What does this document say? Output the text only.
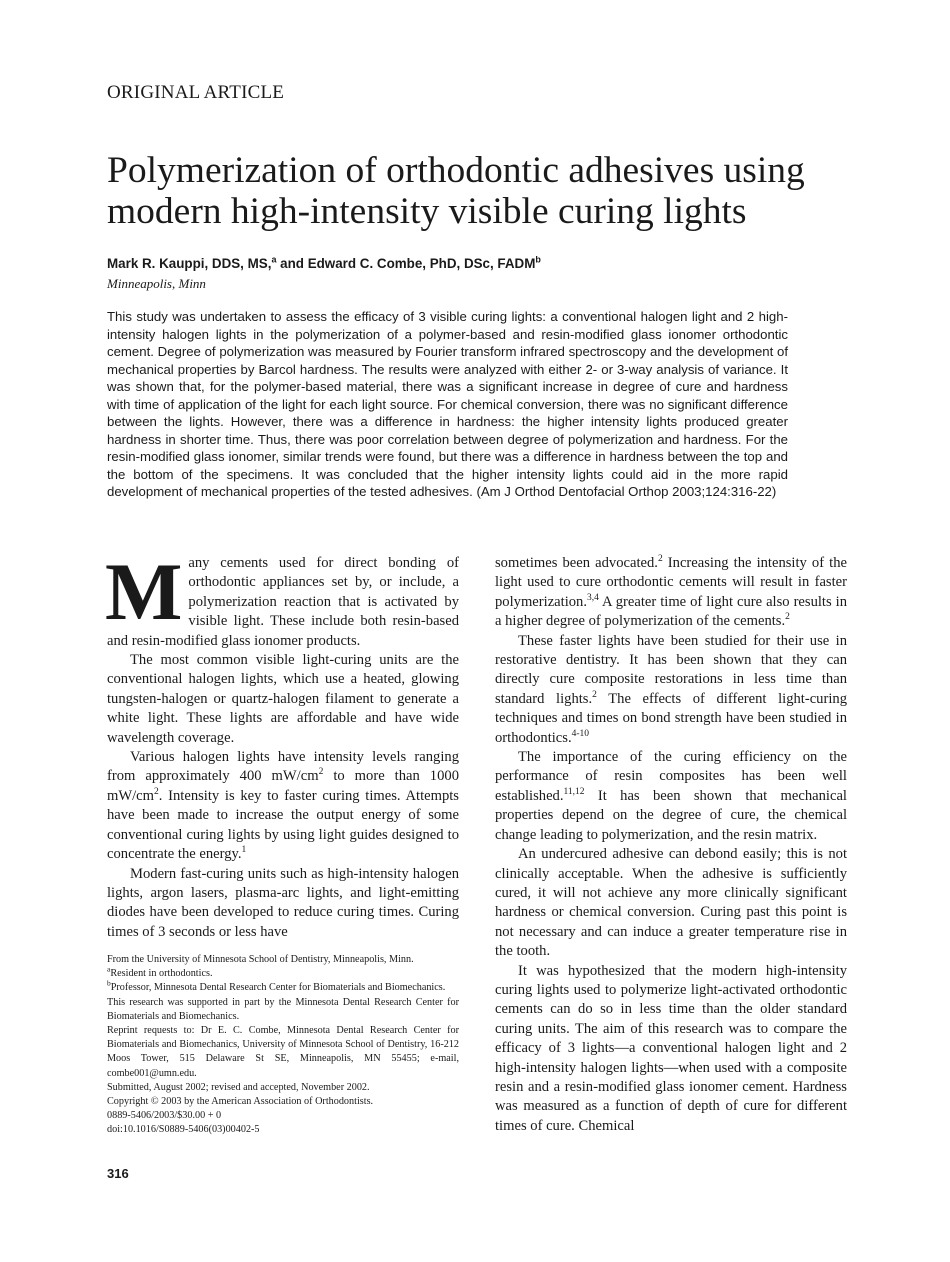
ORIGINAL ARTICLE
Polymerization of orthodontic adhesives using modern high-intensity visible curing lights
Mark R. Kauppi, DDS, MS,$^a$ and Edward C. Combe, PhD, DSc, FADM$^b$
Minneapolis, Minn

This study was undertaken to assess the efficacy of 3 visible curing lights: a conventional halogen light and 2 high-intensity halogen lights in the polymerization of a polymer-based and resin-modified glass ionomer orthodontic cement. Degree of polymerization was measured by Fourier transform infrared spectroscopy and the development of mechanical properties by Barcol hardness. The results were analyzed with either 2- or 3-way analysis of variance. It was shown that, for the polymer-based material, there was a significant increase in degree of cure and hardness with time of application of the light for each light source. For chemical conversion, there was no significant difference between the lights. However, there was a difference in hardness: the higher intensity lights produced greater hardness in shorter time. Thus, there was poor correlation between degree of polymerization and hardness. For the resin-modified glass ionomer, similar trends were found, but there was a difference in hardness between the top and the bottom of the specimens. It was concluded that the higher intensity lights could aid in the more rapid development of mechanical properties of the tested adhesives. (Am J Orthod Dentofacial Orthop 2003;124:316-22)

Many cements used for direct bonding of orthodontic appliances set by, or include, a polymerization reaction that is activated by visible light. These include both resin-based and resin-modified glass ionomer products.

The most common visible light-curing units are the conventional halogen lights, which use a heated, glowing tungsten-halogen or quartz-halogen filament to generate a white light. These lights are affordable and have wide wavelength coverage.

Various halogen lights have intensity levels ranging from approximately 400 $mW/cm^2$ to more than 1000 $mW/cm^2$. Intensity is key to faster curing times. Attempts have been made to increase the output energy of some conventional curing lights by using light guides designed to concentrate the energy.$^1$

Modern fast-curing units such as high-intensity halogen lights, argon lasers, plasma-arc lights, and light-emitting diodes have been developed to reduce curing times. Curing times of 3 seconds or less have

sometimes been advocated.$^2$ Increasing the intensity of the light used to cure orthodontic cements will result in faster polymerization.$^{3,4}$ A greater time of light cure also results in a higher degree of polymerization of the cements.$^2$

These faster lights have been studied for their use in restorative dentistry. It has been shown that they can directly cure composite restorations in less time than standard lights.$^2$ The effects of different light-curing techniques and times on bond strength have been studied in orthodontics.$^{4-10}$

The importance of the curing efficiency on the performance of resin composites has been well established.$^{11,12}$ It has been shown that mechanical properties depend on the degree of cure, the chemical change leading to polymerization, and the resin matrix.

An undercured adhesive can debond easily; this is not clinically acceptable. When the adhesive is sufficiently cured, it will not achieve any more clinically significant hardness or chemical conversion. Curing past this point is not necessary and can induce a greater temperature rise in the tooth.

It was hypothesized that the modern high-intensity curing lights used to polymerize light-activated orthodontic cements can do so in less time than the older standard curing units. The aim of this research was to compare the efficacy of 3 lights—a conventional halogen light and 2 high-intensity halogen lights—when used with a composite resin and a resin-modified glass ionomer cement. Hardness was measured as a function of depth of cure for different times of cure. Chemical

From the University of Minnesota School of Dentistry, Minneapolis, Minn.
$^a$Resident in orthodontics.
$^b$Professor, Minnesota Dental Research Center for Biomaterials and Biomechanics.
This research was supported in part by the Minnesota Dental Research Center for Biomaterials and Biomechanics.
Reprint requests to: Dr E. C. Combe, Minnesota Dental Research Center for Biomaterials and Biomechanics, University of Minnesota School of Dentistry, 16-212 Moos Tower, 515 Delaware St SE, Minneapolis, MN 55455; e-mail, combe001@umn.edu.
Submitted, August 2002; revised and accepted, November 2002.
Copyright © 2003 by the American Association of Orthodontists.
0889-5406/2003/$30.00 + 0
doi:10.1016/S0889-5406(03)00402-5
316
